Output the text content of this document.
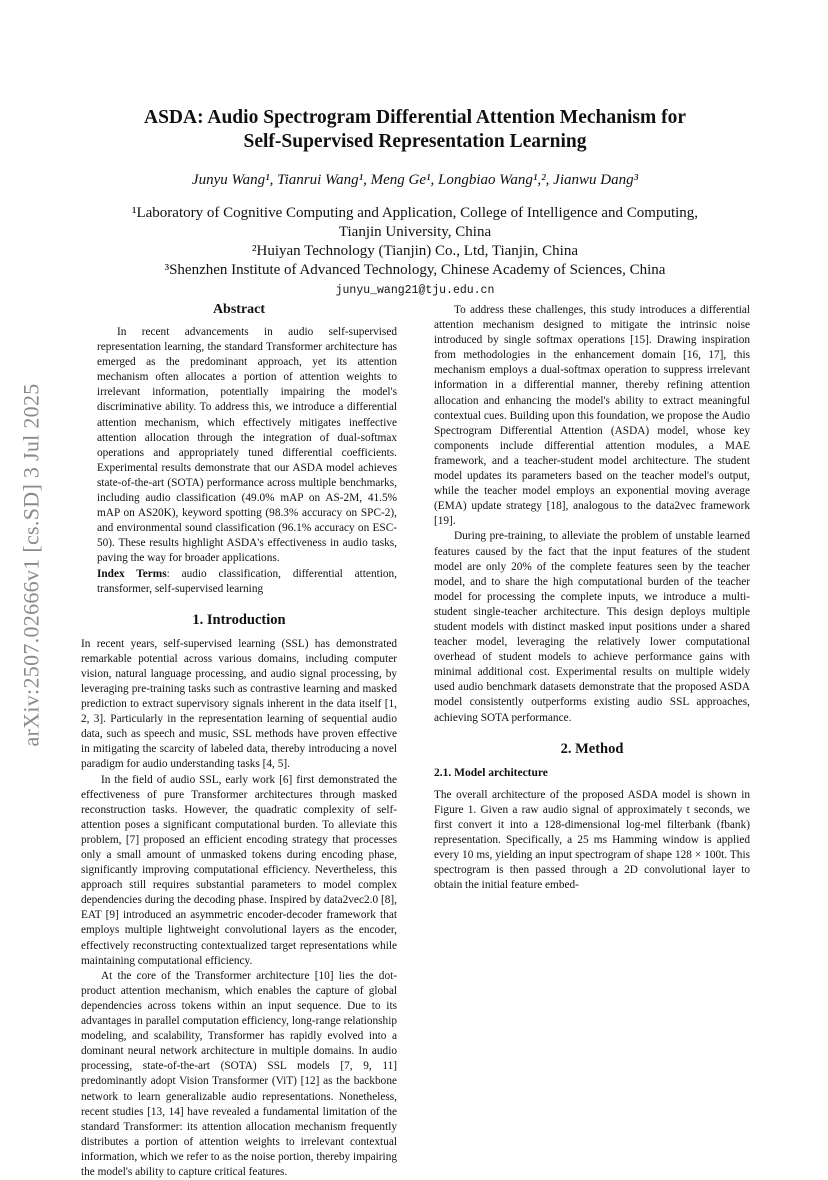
arXiv:2507.02666v1 [cs.SD] 3 Jul 2025
ASDA: Audio Spectrogram Differential Attention Mechanism for
Self-Supervised Representation Learning
Junyu Wang¹, Tianrui Wang¹, Meng Ge¹, Longbiao Wang¹,², Jianwu Dang³
¹Laboratory of Cognitive Computing and Application, College of Intelligence and Computing,
Tianjin University, China
²Huiyan Technology (Tianjin) Co., Ltd, Tianjin, China
³Shenzhen Institute of Advanced Technology, Chinese Academy of Sciences, China
junyu_wang21@tju.edu.cn
Abstract

In recent advancements in audio self-supervised representation learning, the standard Transformer architecture has emerged as the predominant approach, yet its attention mechanism often allocates a portion of attention weights to irrelevant information, potentially impairing the model's discriminative ability. To address this, we introduce a differential attention mechanism, which effectively mitigates ineffective attention allocation through the integration of dual-softmax operations and appropriately tuned differential coefficients. Experimental results demonstrate that our ASDA model achieves state-of-the-art (SOTA) performance across multiple benchmarks, including audio classification (49.0% mAP on AS-2M, 41.5% mAP on AS20K), keyword spotting (98.3% accuracy on SPC-2), and environmental sound classification (96.1% accuracy on ESC-50). These results highlight ASDA's effectiveness in audio tasks, paving the way for broader applications.

Index Terms: audio classification, differential attention, transformer, self-supervised learning

1. Introduction

In recent years, self-supervised learning (SSL) has demonstrated remarkable potential across various domains, including computer vision, natural language processing, and audio signal processing, by leveraging pre-training tasks such as contrastive learning and masked prediction to extract supervisory signals inherent in the data itself [1, 2, 3]. Particularly in the representation learning of sequential audio data, such as speech and music, SSL methods have proven effective in mitigating the scarcity of labeled data, thereby introducing a novel paradigm for audio understanding tasks [4, 5].

In the field of audio SSL, early work [6] first demonstrated the effectiveness of pure Transformer architectures through masked reconstruction tasks. However, the quadratic complexity of self-attention poses a significant computational burden. To alleviate this problem, [7] proposed an efficient encoding strategy that processes only a small amount of unmasked tokens during encoding phase, significantly improving computational efficiency. Nevertheless, this approach still requires substantial parameters to model complex dependencies during the decoding phase. Inspired by data2vec2.0 [8], EAT [9] introduced an asymmetric encoder-decoder framework that employs multiple lightweight convolutional layers as the encoder, effectively reconstructing contextualized target representations while maintaining computational efficiency.

At the core of the Transformer architecture [10] lies the dot-product attention mechanism, which enables the capture of global dependencies across tokens within an input sequence. Due to its advantages in parallel computation efficiency, long-range relationship modeling, and scalability, Transformer has rapidly evolved into a dominant neural network architecture in multiple domains. In audio processing, state-of-the-art (SOTA) SSL models [7, 9, 11] predominantly adopt Vision Transformer (ViT) [12] as the backbone network to learn generalizable audio representations. Nonetheless, recent studies [13, 14] have revealed a fundamental limitation of the standard Transformer: its attention allocation mechanism frequently distributes a portion of attention weights to irrelevant contextual information, which we refer to as the noise portion, thereby impairing the model's ability to capture critical features.

To address these challenges, this study introduces a differential attention mechanism designed to mitigate the intrinsic noise introduced by single softmax operations [15]. Drawing inspiration from methodologies in the enhancement domain [16, 17], this mechanism employs a dual-softmax operation to suppress irrelevant information in a differential manner, thereby refining attention allocation and enhancing the model's ability to extract meaningful contextual cues. Building upon this foundation, we propose the Audio Spectrogram Differential Attention (ASDA) model, whose key components include differential attention modules, a MAE framework, and a teacher-student model architecture. The student model updates its parameters based on the teacher model's output, while the teacher model employs an exponential moving average (EMA) update strategy [18], analogous to the data2vec framework [19].

During pre-training, to alleviate the problem of unstable learned features caused by the fact that the input features of the student model are only 20% of the complete features seen by the teacher model, and to share the high computational burden of the teacher model for processing the complete inputs, we introduce a multi-student single-teacher architecture. This design deploys multiple student models with distinct masked input positions under a shared teacher model, leveraging the relatively lower computational overhead of student models to achieve performance gains with minimal additional cost. Experimental results on multiple widely used audio benchmark datasets demonstrate that the proposed ASDA model consistently outperforms existing audio SSL approaches, achieving SOTA performance.

2. Method
2.1. Model architecture

The overall architecture of the proposed ASDA model is shown in Figure 1. Given a raw audio signal of approximately t seconds, we first convert it into a 128-dimensional log-mel filterbank (fbank) representation. Specifically, a 25 ms Hamming window is applied every 10 ms, yielding an input spectrogram of shape 128 × 100t. This spectrogram is then passed through a 2D convolutional layer to obtain the initial feature embed-
